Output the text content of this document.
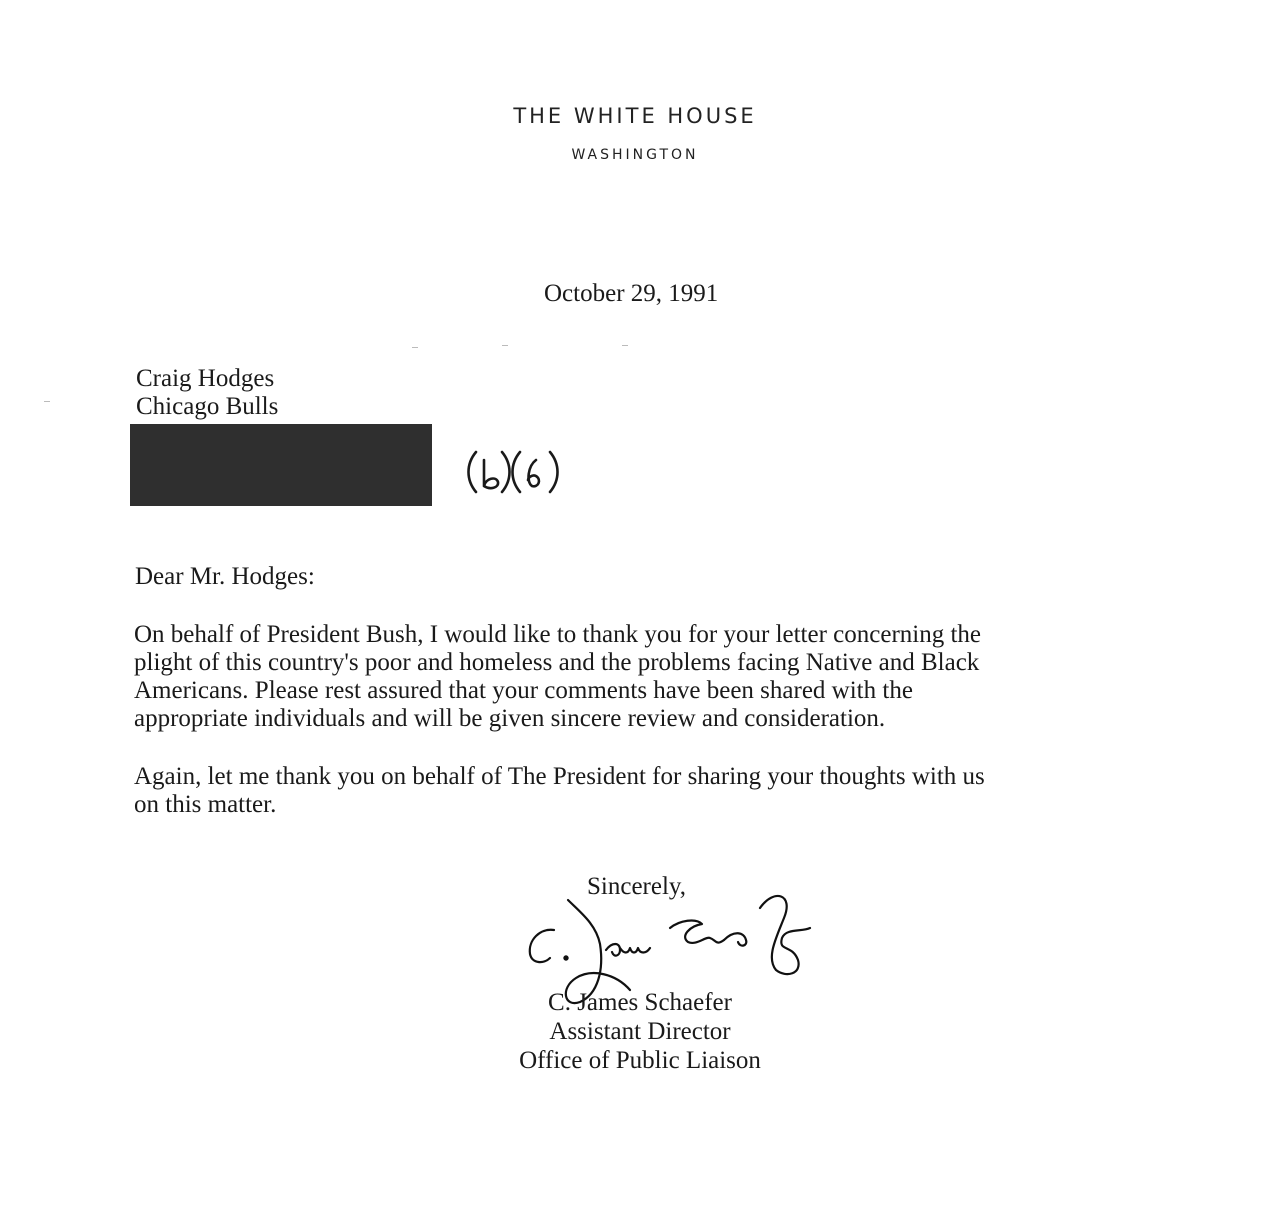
THE WHITE HOUSE
WASHINGTON
October 29, 1991
Craig Hodges
Chicago Bulls
Dear Mr. Hodges:
On behalf of President Bush, I would like to thank you for your letter concerning the
plight of this country's poor and homeless and the problems facing Native and Black
Americans. Please rest assured that your comments have been shared with the
appropriate individuals and will be given sincere review and consideration.
Again, let me thank you on behalf of The President for sharing your thoughts with us
on this matter.
Sincerely,
C. James Schaefer
Assistant Director
Office of Public Liaison
